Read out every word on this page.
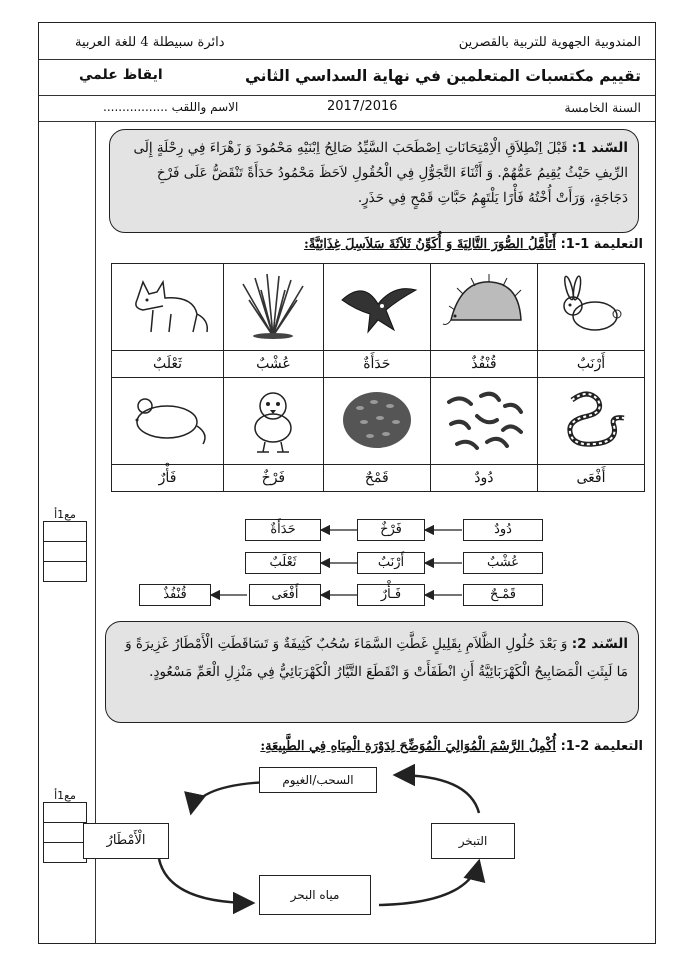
المندوبية الجهوية للتربية بالقصرين
دائرة سبيطلة 4 للغة العربية
تقييم مكتسبات المتعلمين في نهاية السداسي الثاني
ايقاظ علمي
السنة الخامسة
2017/2016
الاسم واللقب .................
مع1أ
مع1أ
السّند 1: قَبْلَ اِنْطِلاَقِ الْاِمْتِحَانَاتِ اِصْطَحَبَ السَّيِّدُ صَالِحُ اِبْنَيْهِ مَحْمُودَ وَ زَهْرَاءَ فِي رِحْلَةٍ إِلَى الرِّيفِ حَيْثُ يُقِيمُ عَمُّهُمْ. وَ أَثْنَاءَ التَّجَوُّلِ فِي الْحُقُولِ لاَحَظَ مَحْمُودُ حَدَأَةً تَنْقَضُّ عَلَى فَرْخِ دَجَاجَةٍ، وَرَأَتْ أُخْتُهُ فَأْرًا يَلْتَهِمُ حَبَّاتِ قَمْحٍ فِي حَذَرٍ.
التعليمة 1-1: أَتَأَمَّلُ الصُّوَرَ التَّالِيَةَ وَ أُكَوِّنُ ثَلاَثَةَ سَلاَسِلَ غِذَائِيَّةً:

أَرْنَبٌ	قُنْفُذٌ	حَدَأَةٌ	عُشْبٌ	ثَعْلَبٌ

أَفْعَى	دُودٌ	قَمْحٌ	فَرْخٌ	فَأْرٌ
دُودٌ
فَرْخٌ
حَدَأَةٌ
عُشْبٌ
أَرْنَبٌ
ثَعْلَبٌ
قَمْـحٌ
فَـأْرٌ
أَفْعَى
قُنْفُذٌ
السّند 2: وَ بَعْدَ حُلُولِ الظَّلاَمِ بِقَلِيلٍ غَطَّتِ السَّمَاءَ سُحُبٌ كَثِيفَةٌ وَ تَسَاقَطَتِ الْأَمْطَارُ غَزِيرَةً وَ مَا لَبِثَتِ الْمَصَابِيحُ الْكَهْرَبَائِيَّةُ أَنِ انْطَفَأَتْ وَ انْقَطَعَ التَّيَّارُ الْكَهْرَبَائِيُّ فِي مَنْزِلِ الْعَمِّ مَسْعُودٍ.
التعليمة 2-1: أُكْمِلُ الرَّسْمَ الْمُوَالِيَ الْمُوَضِّحَ لِدَوْرَةِ الْمِيَاهِ فِي الطَّبِيعَةِ:
السحب/الغيوم
التبخر
مياه البحر
الْأَمْطَارُ
